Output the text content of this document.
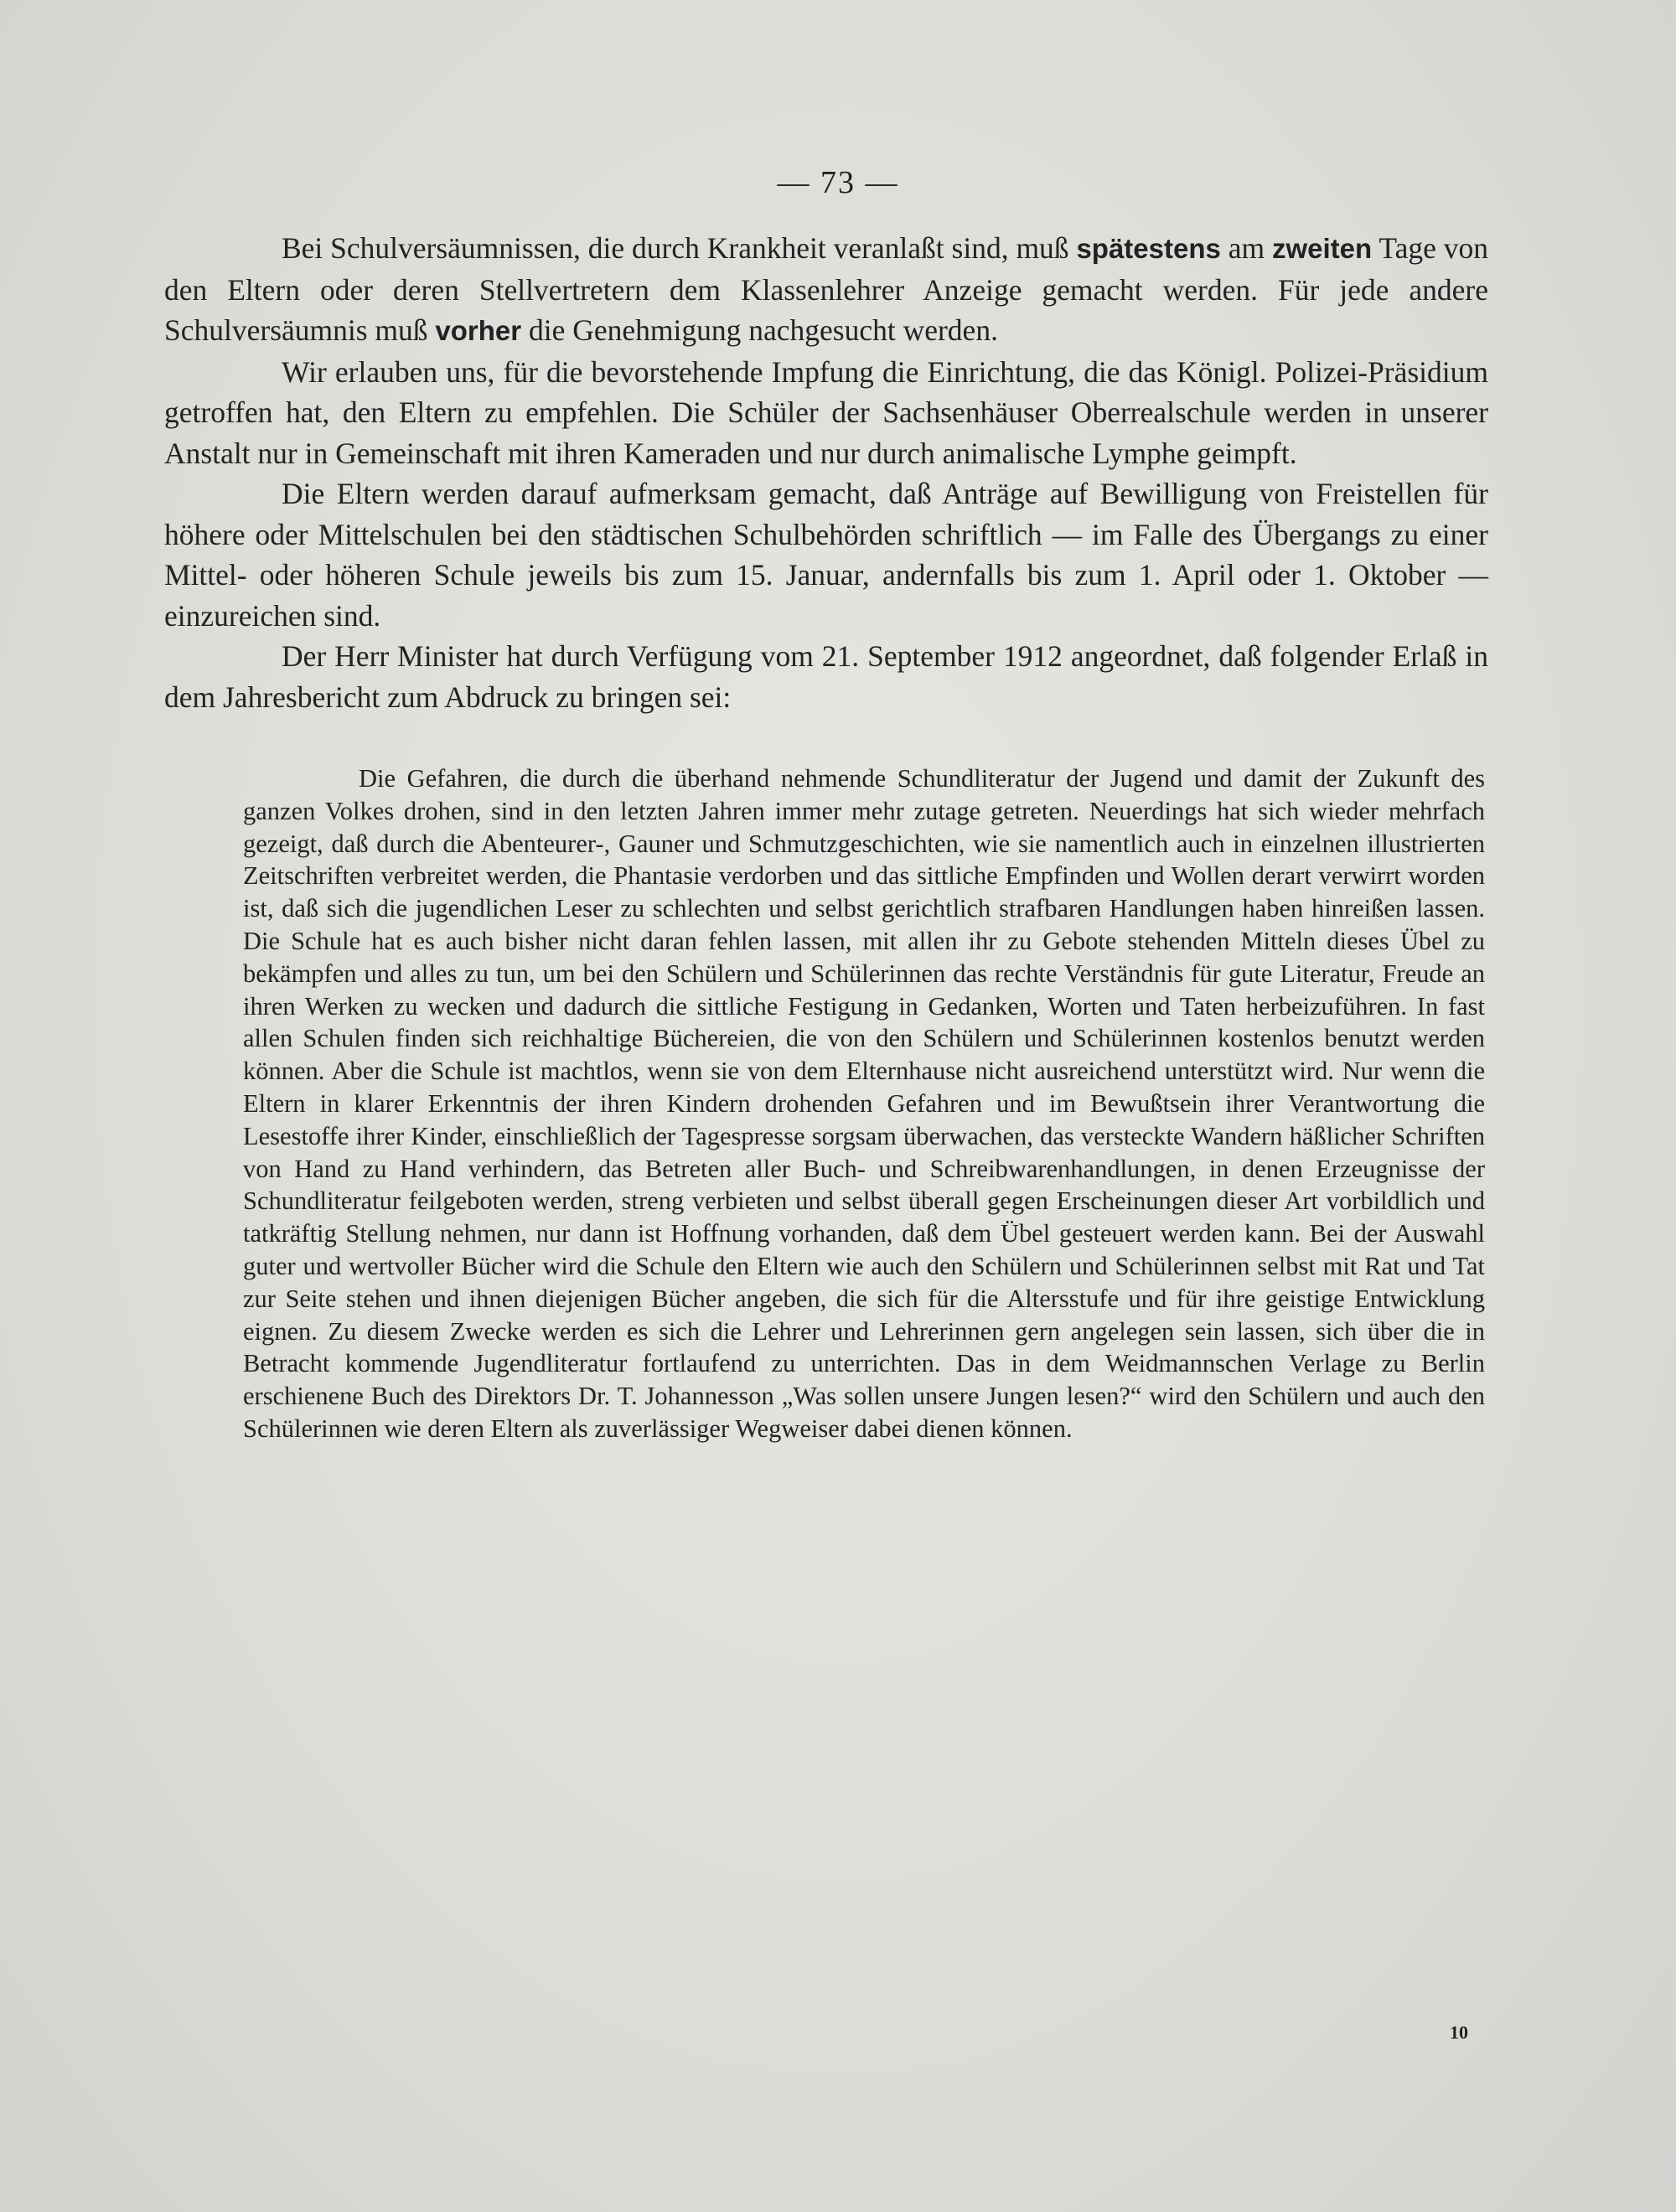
— 73 —

Bei Schulversäumnissen, die durch Krankheit veranlaßt sind, muß spätestens am zweiten Tage von den Eltern oder deren Stellvertretern dem Klassenlehrer Anzeige gemacht werden. Für jede andere Schulversäumnis muß vorher die Genehmigung nachgesucht werden.

Wir erlauben uns, für die bevorstehende Impfung die Einrichtung, die das Königl. Polizei-Präsidium getroffen hat, den Eltern zu empfehlen. Die Schüler der Sachsenhäuser Oberrealschule werden in unserer Anstalt nur in Gemeinschaft mit ihren Kameraden und nur durch animalische Lymphe geimpft.

Die Eltern werden darauf aufmerksam gemacht, daß Anträge auf Bewilligung von Freistellen für höhere oder Mittelschulen bei den städtischen Schulbehörden schriftlich — im Falle des Übergangs zu einer Mittel- oder höheren Schule jeweils bis zum 15. Januar, andernfalls bis zum 1. April oder 1. Oktober — einzureichen sind.

Der Herr Minister hat durch Verfügung vom 21. September 1912 angeordnet, daß folgender Erlaß in dem Jahresbericht zum Abdruck zu bringen sei:

Die Gefahren, die durch die überhand nehmende Schundliteratur der Jugend und damit der Zukunft des ganzen Volkes drohen, sind in den letzten Jahren immer mehr zutage getreten. Neuerdings hat sich wieder mehrfach gezeigt, daß durch die Abenteurer-, Gauner und Schmutzgeschichten, wie sie namentlich auch in einzelnen illustrierten Zeitschriften verbreitet werden, die Phantasie verdorben und das sittliche Empfinden und Wollen derart verwirrt worden ist, daß sich die jugendlichen Leser zu schlechten und selbst gerichtlich strafbaren Handlungen haben hinreißen lassen. Die Schule hat es auch bisher nicht daran fehlen lassen, mit allen ihr zu Gebote stehenden Mitteln dieses Übel zu bekämpfen und alles zu tun, um bei den Schülern und Schülerinnen das rechte Verständnis für gute Literatur, Freude an ihren Werken zu wecken und dadurch die sittliche Festigung in Gedanken, Worten und Taten herbeizuführen. In fast allen Schulen finden sich reichhaltige Büchereien, die von den Schülern und Schülerinnen kostenlos benutzt werden können. Aber die Schule ist machtlos, wenn sie von dem Elternhause nicht ausreichend unterstützt wird. Nur wenn die Eltern in klarer Erkenntnis der ihren Kindern drohenden Gefahren und im Bewußtsein ihrer Verantwortung die Lesestoffe ihrer Kinder, einschließlich der Tagespresse sorgsam überwachen, das versteckte Wandern häßlicher Schriften von Hand zu Hand verhindern, das Betreten aller Buch- und Schreibwarenhandlungen, in denen Erzeugnisse der Schundliteratur feilgeboten werden, streng verbieten und selbst überall gegen Erscheinungen dieser Art vorbildlich und tatkräftig Stellung nehmen, nur dann ist Hoffnung vorhanden, daß dem Übel gesteuert werden kann. Bei der Auswahl guter und wertvoller Bücher wird die Schule den Eltern wie auch den Schülern und Schülerinnen selbst mit Rat und Tat zur Seite stehen und ihnen diejenigen Bücher angeben, die sich für die Altersstufe und für ihre geistige Entwicklung eignen. Zu diesem Zwecke werden es sich die Lehrer und Lehrerinnen gern angelegen sein lassen, sich über die in Betracht kommende Jugendliteratur fortlaufend zu unterrichten. Das in dem Weidmannschen Verlage zu Berlin erschienene Buch des Direktors Dr. T. Johannesson „Was sollen unsere Jungen lesen?“ wird den Schülern und auch den Schülerinnen wie deren Eltern als zuverlässiger Wegweiser dabei dienen können.

10
